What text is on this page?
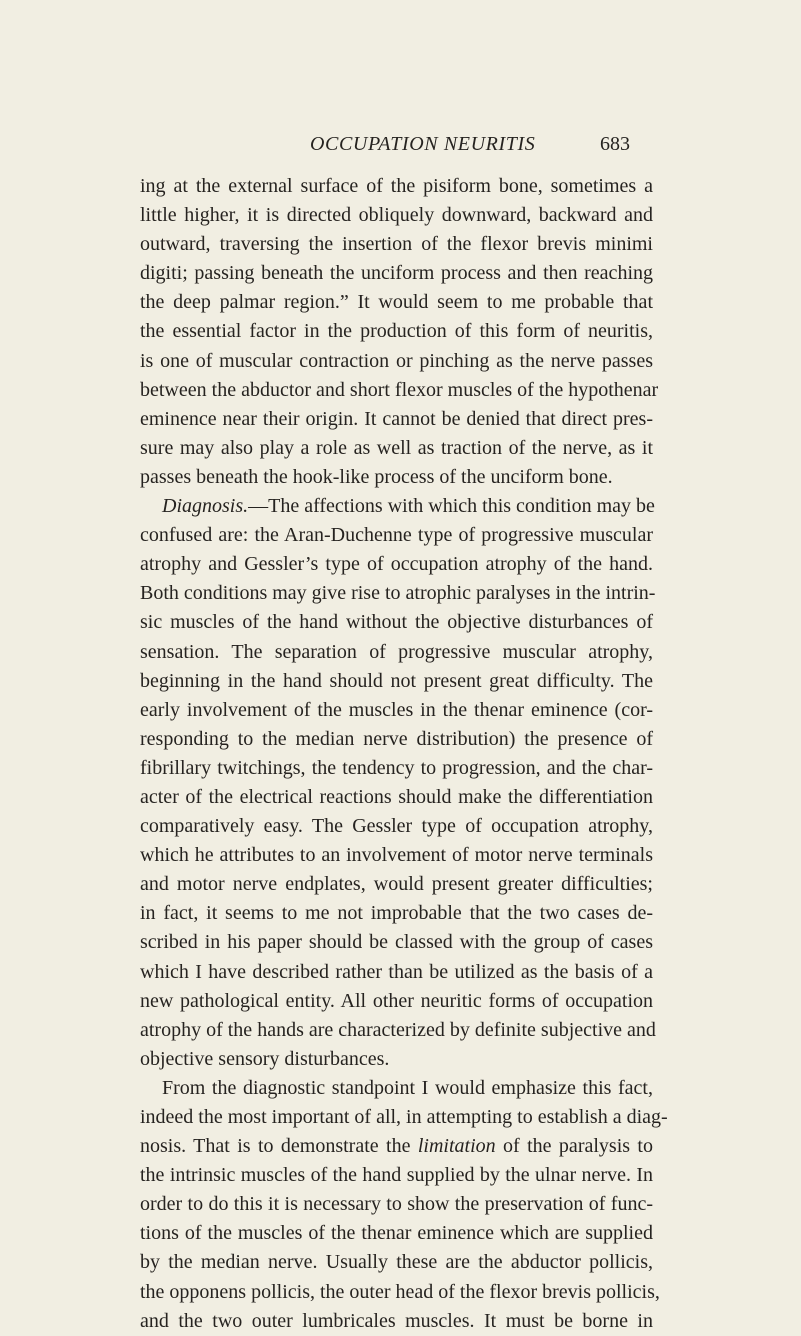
OCCUPATION NEURITIS	683
ing at the external surface of the pisiform bone, sometimes a
little higher, it is directed obliquely downward, backward and
outward, traversing the insertion of the flexor brevis minimi
digiti; passing beneath the unciform process and then reaching
the deep palmar region.” It would seem to me probable that
the essential factor in the production of this form of neuritis,
is one of muscular contraction or pinching as the nerve passes
between the abductor and short flexor muscles of the hypothenar
eminence near their origin. It cannot be denied that direct pres-
sure may also play a role as well as traction of the nerve, as it
passes beneath the hook-like process of the unciform bone.
Diagnosis.—The affections with which this condition may be
confused are: the Aran-Duchenne type of progressive muscular
atrophy and Gessler’s type of occupation atrophy of the hand.
Both conditions may give rise to atrophic paralyses in the intrin-
sic muscles of the hand without the objective disturbances of
sensation. The separation of progressive muscular atrophy,
beginning in the hand should not present great difficulty. The
early involvement of the muscles in the thenar eminence (cor-
responding to the median nerve distribution) the presence of
fibrillary twitchings, the tendency to progression, and the char-
acter of the electrical reactions should make the differentiation
comparatively easy. The Gessler type of occupation atrophy,
which he attributes to an involvement of motor nerve terminals
and motor nerve endplates, would present greater difficulties;
in fact, it seems to me not improbable that the two cases de-
scribed in his paper should be classed with the group of cases
which I have described rather than be utilized as the basis of a
new pathological entity. All other neuritic forms of occupation
atrophy of the hands are characterized by definite subjective and
objective sensory disturbances.
From the diagnostic standpoint I would emphasize this fact,
indeed the most important of all, in attempting to establish a diag-
nosis. That is to demonstrate the limitation of the paralysis to
the intrinsic muscles of the hand supplied by the ulnar nerve. In
order to do this it is necessary to show the preservation of func-
tions of the muscles of the thenar eminence which are supplied
by the median nerve. Usually these are the abductor pollicis,
the opponens pollicis, the outer head of the flexor brevis pollicis,
and the two outer lumbricales muscles. It must be borne in
